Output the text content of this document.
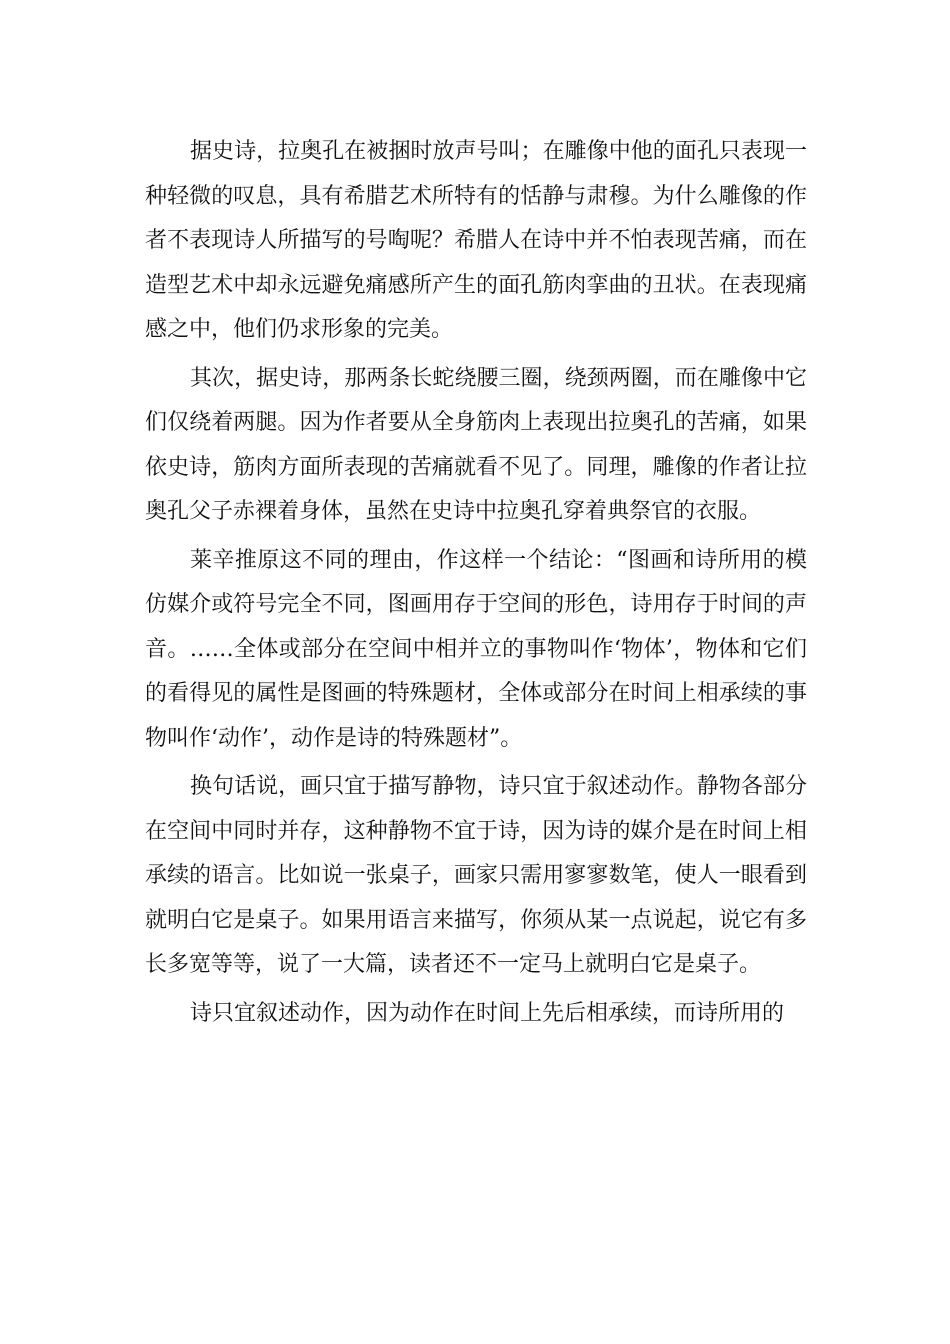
据史诗，拉奥孔在被捆时放声号叫；在雕像中他的面孔只表现一种轻微的叹息，具有希腊艺术所特有的恬静与肃穆。为什么雕像的作者不表现诗人所描写的号啕呢？希腊人在诗中并不怕表现苦痛，而在造型艺术中却永远避免痛感所产生的面孔筋肉挛曲的丑状。在表现痛感之中，他们仍求形象的完美。

其次，据史诗，那两条长蛇绕腰三圈，绕颈两圈，而在雕像中它们仅绕着两腿。因为作者要从全身筋肉上表现出拉奥孔的苦痛，如果依史诗，筋肉方面所表现的苦痛就看不见了。同理，雕像的作者让拉奥孔父子赤裸着身体，虽然在史诗中拉奥孔穿着典祭官的衣服。

莱辛推原这不同的理由，作这样一个结论：“图画和诗所用的模仿媒介或符号完全不同，图画用存于空间的形色，诗用存于时间的声音。……全体或部分在空间中相并立的事物叫作‘物体’，物体和它们的看得见的属性是图画的特殊题材，全体或部分在时间上相承续的事物叫作‘动作’，动作是诗的特殊题材”。

换句话说，画只宜于描写静物，诗只宜于叙述动作。静物各部分在空间中同时并存，这种静物不宜于诗，因为诗的媒介是在时间上相承续的语言。比如说一张桌子，画家只需用寥寥数笔，使人一眼看到就明白它是桌子。如果用语言来描写，你须从某一点说起，说它有多长多宽等等，说了一大篇，读者还不一定马上就明白它是桌子。

诗只宜叙述动作，因为动作在时间上先后相承续，而诗所用的
